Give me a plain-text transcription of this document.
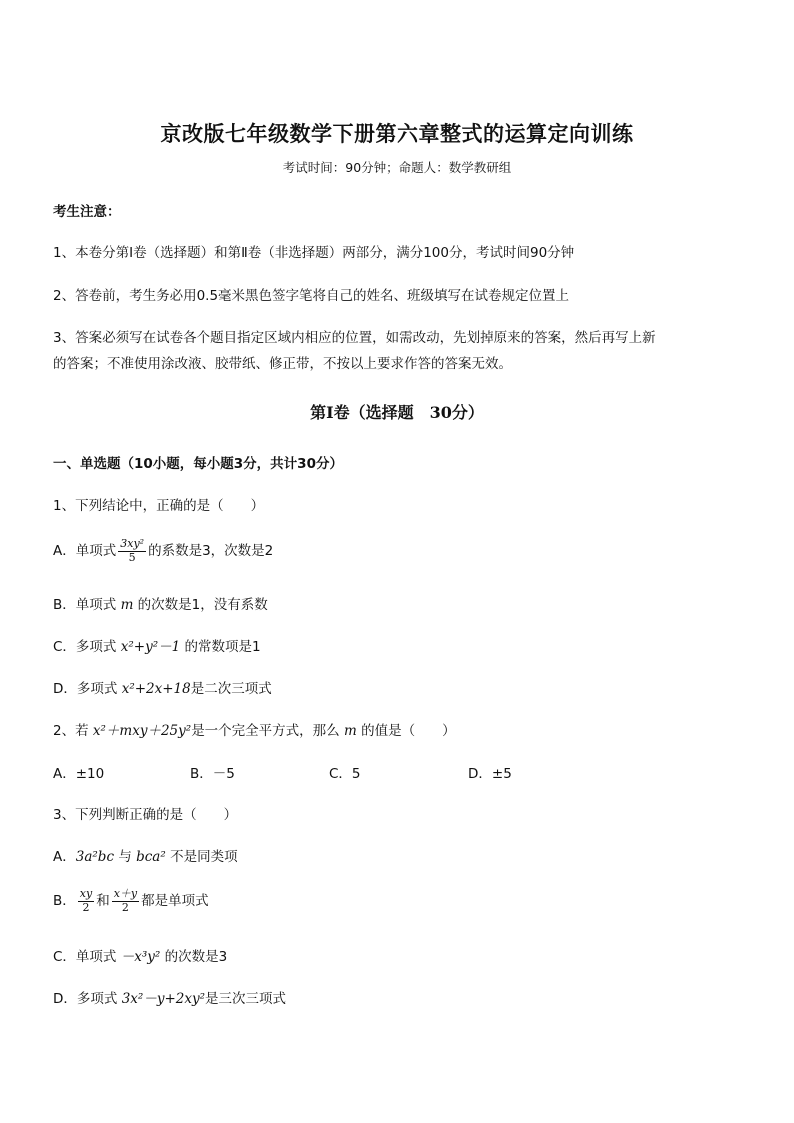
京改版七年级数学下册第六章整式的运算定向训练
考试时间：90分钟；命题人：数学教研组
考生注意：
1、本卷分第Ⅰ卷（选择题）和第Ⅱ卷（非选择题）两部分，满分100分，考试时间90分钟
2、答卷前，考生务必用0.5毫米黑色签字笔将自己的姓名、班级填写在试卷规定位置上
3、答案必须写在试卷各个题目指定区域内相应的位置，如需改动，先划掉原来的答案，然后再写上新
的答案；不准使用涂改液、胶带纸、修正带，不按以上要求作答的答案无效。
第Ⅰ卷（选择题　30分）
一、单选题（10小题，每小题3分，共计30分）
1、下列结论中，正确的是（　　）
A．单项式 $\frac{\text{3xy²}}{5}$ 的系数是3，次数是2
B．单项式 m 的次数是1，没有系数
C．多项式 x²+y²－1 的常数项是1
D．多项式 x²+2x+18是二次三项式
2、若 x²＋mxy＋25y²是一个完全平方式，那么 m 的值是（　　）
A．±10	B．－5	C．5	D．±5
3、下列判断正确的是（　　）
A．3a²bc 与 bca² 不是同类项
B． $\frac{xy}{2}$ 和 $\frac{x+y}{2}$ 都是单项式
C．单项式 －x³y² 的次数是3
D．多项式 3x²－y+2xy²是三次三项式
